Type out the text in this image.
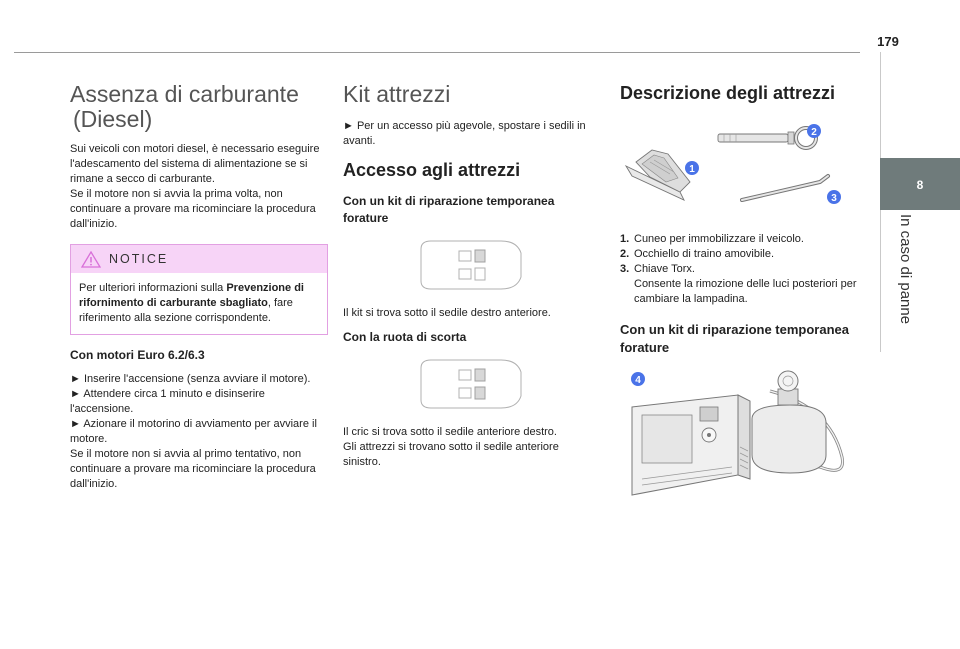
179
8
In caso di panne
Assenza di carburante
(Diesel)

Sui veicoli con motori diesel, è necessario eseguire l'adescamento del sistema di alimentazione se si rimane a secco di carburante.

Se il motore non si avvia la prima volta, non continuare a provare ma ricominciare la procedura dall'inizio.

NOTICE
Per ulteriori informazioni sulla Prevenzione di rifornimento di carburante sbagliato, fare riferimento alla sezione corrispondente.
Con motori Euro 6.2/6.3

► Inserire l'accensione (senza avviare il motore).

► Attendere circa 1 minuto e disinserire l'accensione.

► Azionare il motorino di avviamento per avviare il motore.

Se il motore non si avvia al primo tentativo, non continuare a provare ma ricominciare la procedura dall'inizio.

Kit attrezzi

► Per un accesso più agevole, spostare i sedili in avanti.

Accesso agli attrezzi
Con un kit di riparazione temporanea forature

Il kit si trova sotto il sedile destro anteriore.

Con la ruota di scorta

Il cric si trova sotto il sedile anteriore destro.

Gli attrezzi si trovano sotto il sedile anteriore sinistro.

Descrizione degli attrezzi
1
2
3
1. Cuneo per immobilizzare il veicolo.
2. Occhiello di traino amovibile.
3. Chiave Torx.
Consente la rimozione delle luci posteriori per cambiare la lampadina.
Con un kit di riparazione temporanea forature
4
